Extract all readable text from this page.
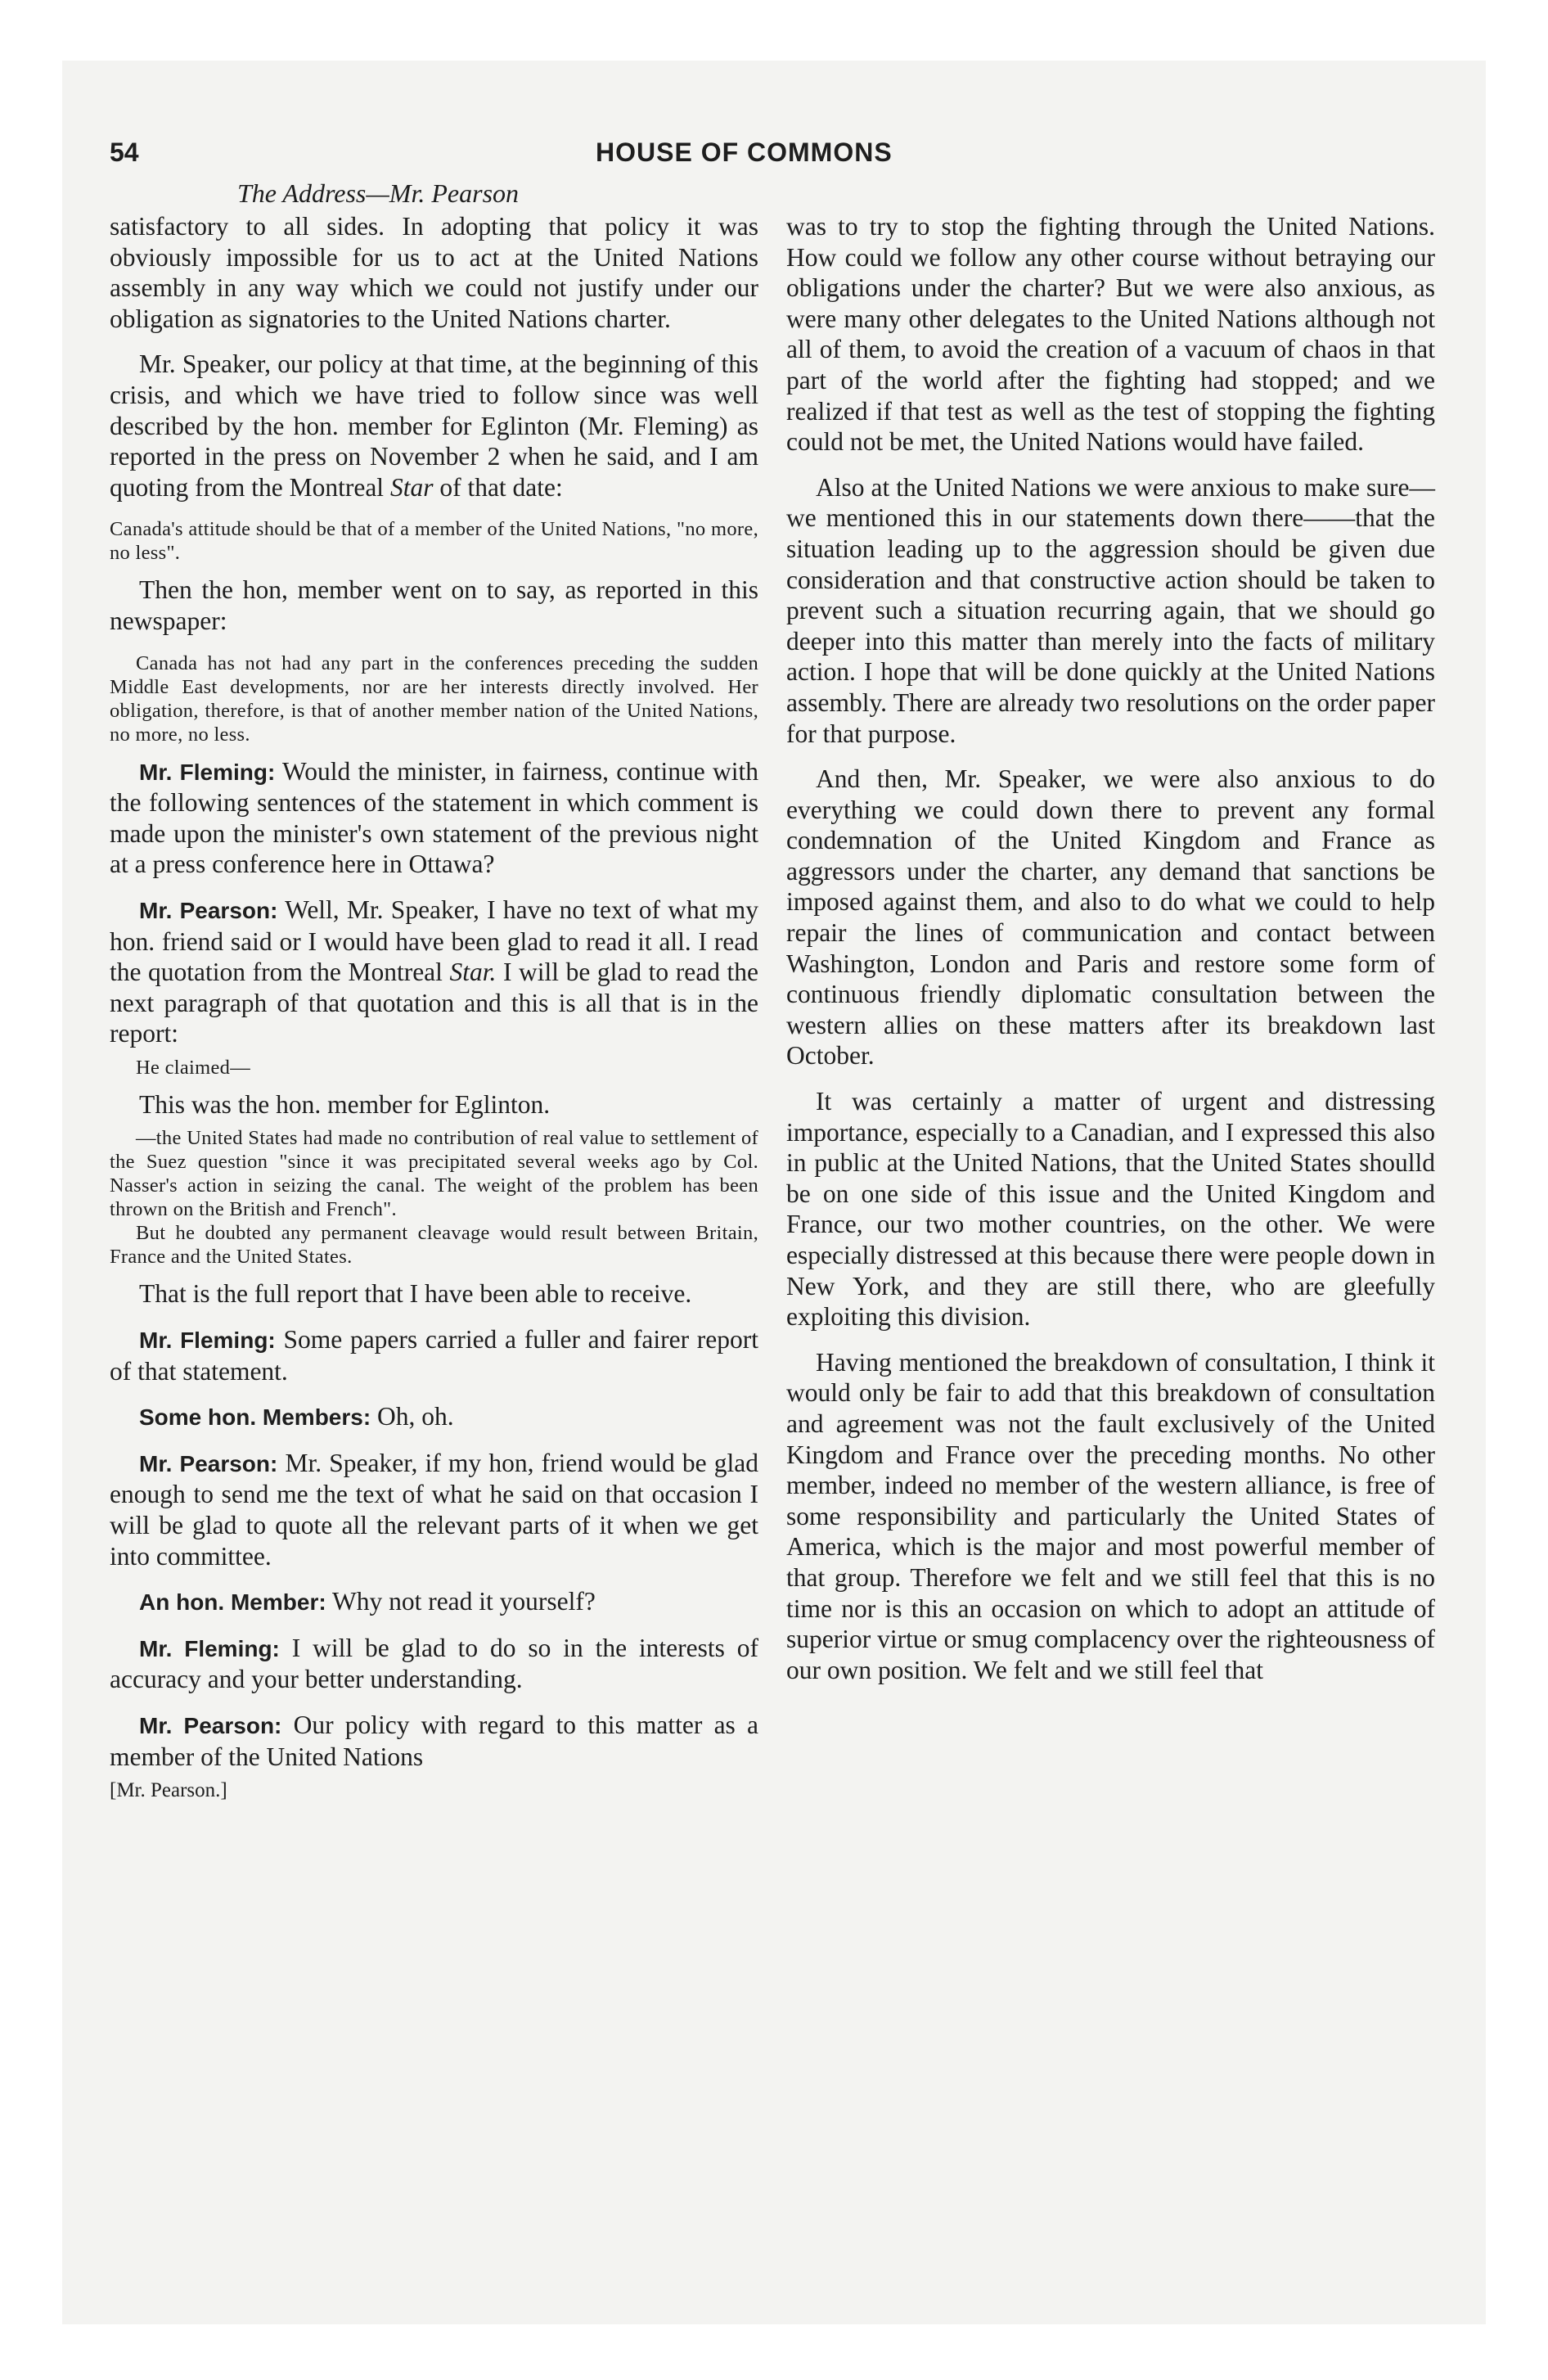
54	HOUSE OF COMMONS
The Address—Mr. Pearson

satisfactory to all sides. In adopting that policy it was obviously impossible for us to act at the United Nations assembly in any way which we could not justify under our obligation as signatories to the United Nations charter.

Mr. Speaker, our policy at that time, at the beginning of this crisis, and which we have tried to follow since was well described by the hon. member for Eglinton (Mr. Fleming) as reported in the press on November 2 when he said, and I am quoting from the Montreal Star of that date:

Canada's attitude should be that of a member of the United Nations, "no more, no less".

Then the hon, member went on to say, as reported in this newspaper:

Canada has not had any part in the conferences preceding the sudden Middle East developments, nor are her interests directly involved. Her obligation, therefore, is that of another member nation of the United Nations, no more, no less.

Mr. Fleming: Would the minister, in fairness, continue with the following sentences of the statement in which comment is made upon the minister's own statement of the previous night at a press conference here in Ottawa?

Mr. Pearson: Well, Mr. Speaker, I have no text of what my hon. friend said or I would have been glad to read it all. I read the quotation from the Montreal Star. I will be glad to read the next paragraph of that quotation and this is all that is in the report:

He claimed—

This was the hon. member for Eglinton.

—the United States had made no contribution of real value to settlement of the Suez question "since it was precipitated several weeks ago by Col. Nasser's action in seizing the canal. The weight of the problem has been thrown on the British and French".

But he doubted any permanent cleavage would result between Britain, France and the United States.

That is the full report that I have been able to receive.

Mr. Fleming: Some papers carried a fuller and fairer report of that statement.

Some hon. Members: Oh, oh.

Mr. Pearson: Mr. Speaker, if my hon, friend would be glad enough to send me the text of what he said on that occasion I will be glad to quote all the relevant parts of it when we get into committee.

An hon. Member: Why not read it yourself?

Mr. Fleming: I will be glad to do so in the interests of accuracy and your better understanding.

Mr. Pearson: Our policy with regard to this matter as a member of the United Nations

[Mr. Pearson.]

was to try to stop the fighting through the United Nations. How could we follow any other course without betraying our obligations under the charter? But we were also anxious, as were many other delegates to the United Nations although not all of them, to avoid the creation of a vacuum of chaos in that part of the world after the fighting had stopped; and we realized if that test as well as the test of stopping the fighting could not be met, the United Nations would have failed.

Also at the United Nations we were anxious to make sure—we mentioned this in our statements down there——that the situation leading up to the aggression should be given due consideration and that constructive action should be taken to prevent such a situation recurring again, that we should go deeper into this matter than merely into the facts of military action. I hope that will be done quickly at the United Nations assembly. There are already two resolutions on the order paper for that purpose.

And then, Mr. Speaker, we were also anxious to do everything we could down there to prevent any formal condemnation of the United Kingdom and France as aggressors under the charter, any demand that sanctions be imposed against them, and also to do what we could to help repair the lines of communication and contact between Washington, London and Paris and restore some form of continuous friendly diplomatic consultation between the western allies on these matters after its breakdown last October.

It was certainly a matter of urgent and distressing importance, especially to a Canadian, and I expressed this also in public at the United Nations, that the United States shoulld be on one side of this issue and the United Kingdom and France, our two mother countries, on the other. We were especially distressed at this because there were people down in New York, and they are still there, who are gleefully exploiting this division.

Having mentioned the breakdown of consultation, I think it would only be fair to add that this breakdown of consultation and agreement was not the fault exclusively of the United Kingdom and France over the preceding months. No other member, indeed no member of the western alliance, is free of some responsibility and particularly the United States of America, which is the major and most powerful member of that group. Therefore we felt and we still feel that this is no time nor is this an occasion on which to adopt an attitude of superior virtue or smug complacency over the righteousness of our own position. We felt and we still feel that
